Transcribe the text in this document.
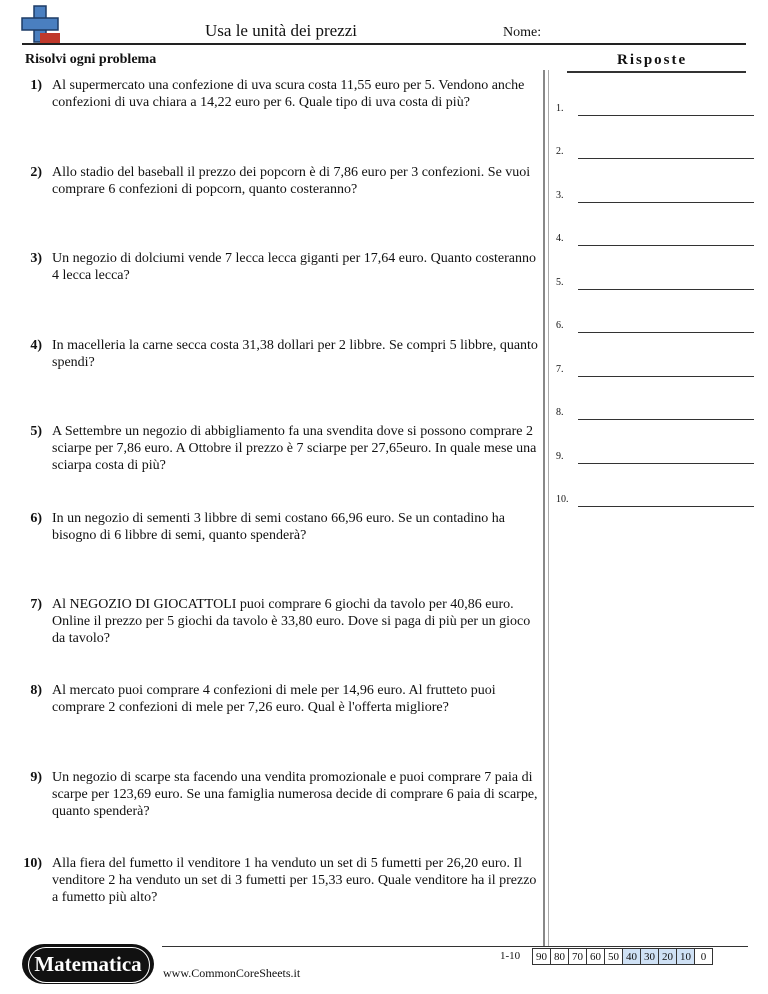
Usa le unità dei prezzi	Nome:
Risolvi ogni problema	Risposte
1) Al supermercato una confezione di uva scura costa 11,55 euro per 5. Vendono anche confezioni di uva chiara a 14,22 euro per 6. Quale tipo di uva costa di più?
2) Allo stadio del baseball il prezzo dei popcorn è di 7,86 euro per 3 confezioni. Se vuoi comprare 6 confezioni di popcorn, quanto costeranno?
3) Un negozio di dolciumi vende 7 lecca lecca giganti per 17,64 euro. Quanto costeranno 4 lecca lecca?
4) In macelleria la carne secca costa 31,38 dollari per 2 libbre. Se compri 5 libbre, quanto spendi?
5) A Settembre un negozio di abbigliamento fa una svendita dove si possono comprare 2 sciarpe per 7,86 euro. A Ottobre il prezzo è 7 sciarpe per 27,65euro. In quale mese una sciarpa costa di più?
6) In un negozio di sementi 3 libbre di semi costano 66,96 euro. Se un contadino ha bisogno di 6 libbre di semi, quanto spenderà?
7) Al NEGOZIO DI GIOCATTOLI puoi comprare 6 giochi da tavolo per 40,86 euro. Online il prezzo per 5 giochi da tavolo è 33,80 euro. Dove si paga di più per un gioco da tavolo?
8) Al mercato puoi comprare 4 confezioni di mele per 14,96 euro. Al frutteto puoi comprare 2 confezioni di mele per 7,26 euro. Qual è l'offerta migliore?
9) Un negozio di scarpe sta facendo una vendita promozionale e puoi comprare 7 paia di scarpe per 123,69 euro. Se una famiglia numerosa decide di comprare 6 paia di scarpe, quanto spenderà?
10) Alla fiera del fumetto il venditore 1 ha venduto un set di 5 fumetti per 26,20 euro. Il venditore 2 ha venduto un set di 3 fumetti per 15,33 euro. Quale venditore ha il prezzo a fumetto più alto?
1.
2.
3.
4.
5.
6.
7.
8.
9.
10.
Matematica	www.CommonCoreSheets.it
1-10 90	80	70	60	50	40	30	20	10	0
